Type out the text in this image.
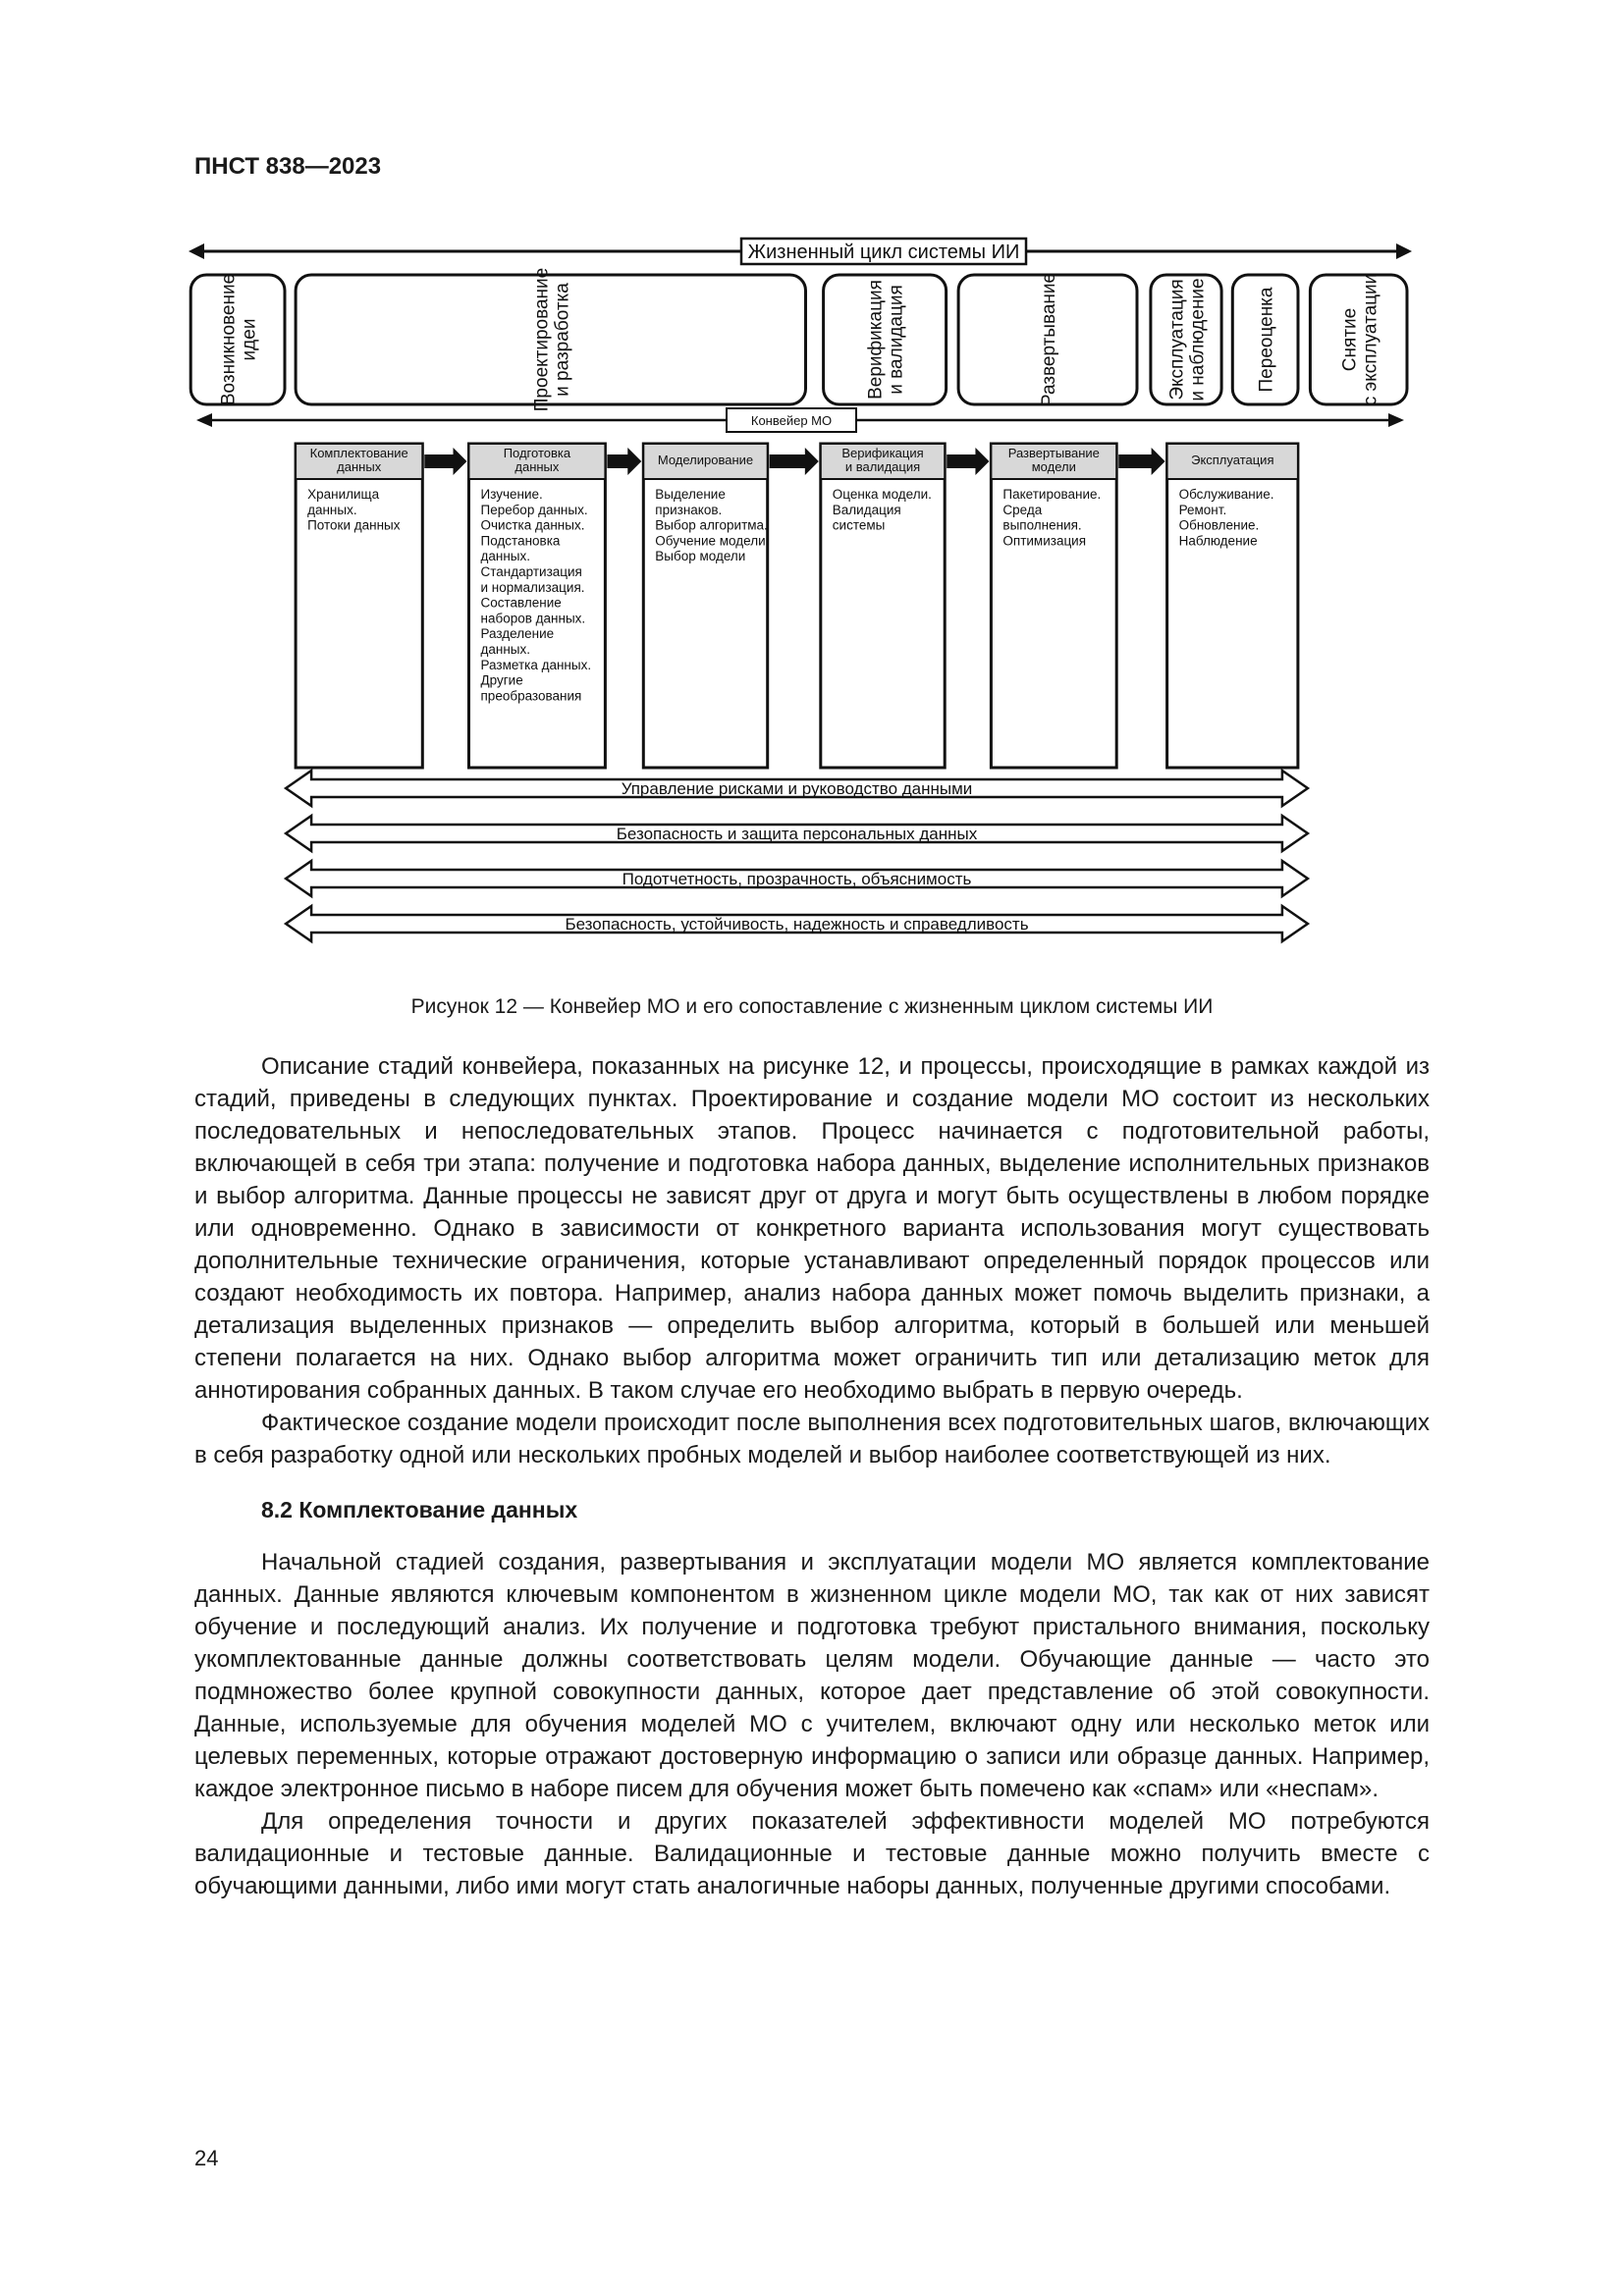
ПНСТ 838—2023
Жизненный цикл системы ИИ
Возникновениеидеи	Проектированиеи разработка	Верификацияи валидация	Развертывание	Эксплуатацияи наблюдение	Переоценка	Снятиес эксплуатации
Конвейер МО
Комплектование
данных
Хранилища
данных.
Потоки данных
Подготовка
данных
Изучение.
Перебор данных.
Очистка данных.
Подстановка
данных.
Стандартизация
и нормализация.
Составление
наборов данных.
Разделение
данных.
Разметка данных.
Другие
преобразования
Моделирование
Выделение
признаков.
Выбор алгоритма.
Обучение модели.
Выбор модели
Верификация
и валидация
Оценка модели.
Валидация
системы
Развертывание
модели
Пакетирование.
Среда
выполнения.
Оптимизация
Эксплуатация
Обслуживание.
Ремонт.
Обновление.
Наблюдение
Управление рисками и руководство данными
Безопасность и защита персональных данных
Подотчетность, прозрачность, объяснимость
Безопасность, устойчивость, надежность и справедливость
Рисунок 12 — Конвейер МО и его сопоставление с жизненным циклом системы ИИ

Описание стадий конвейера, показанных на рисунке 12, и процессы, происходящие в рамках каждой из стадий, приведены в следующих пунктах. Проектирование и создание модели МО состоит из нескольких последовательных и непоследовательных этапов. Процесс начинается с подготовительной работы, включающей в себя три этапа: получение и подготовка набора данных, выделение исполнительных признаков и выбор алгоритма. Данные процессы не зависят друг от друга и могут быть осуществлены в любом порядке или одновременно. Однако в зависимости от конкретного варианта использования могут существовать дополнительные технические ограничения, которые устанавливают определенный порядок процессов или создают необходимость их повтора. Например, анализ набора данных может помочь выделить признаки, а детализация выделенных признаков — определить выбор алгоритма, который в большей или меньшей степени полагается на них. Однако выбор алгоритма может ограничить тип или детализацию меток для аннотирования собранных данных. В таком случае его необходимо выбрать в первую очередь.

Фактическое создание модели происходит после выполнения всех подготовительных шагов, включающих в себя разработку одной или нескольких пробных моделей и выбор наиболее соответствующей из них.

8.2 Комплектование данных

Начальной стадией создания, развертывания и эксплуатации модели МО является комплектование данных. Данные являются ключевым компонентом в жизненном цикле модели МО, так как от них зависят обучение и последующий анализ. Их получение и подготовка требуют пристального внимания, поскольку укомплектованные данные должны соответствовать целям модели. Обучающие данные — часто это подмножество более крупной совокупности данных, которое дает представление об этой совокупности. Данные, используемые для обучения моделей МО с учителем, включают одну или несколько меток или целевых переменных, которые отражают достоверную информацию о записи или образце данных. Например, каждое электронное письмо в наборе писем для обучения может быть помечено как «спам» или «неспам».

Для определения точности и других показателей эффективности моделей МО потребуются валидационные и тестовые данные. Валидационные и тестовые данные можно получить вместе с обучающими данными, либо ими могут стать аналогичные наборы данных, полученные другими способами.

24
